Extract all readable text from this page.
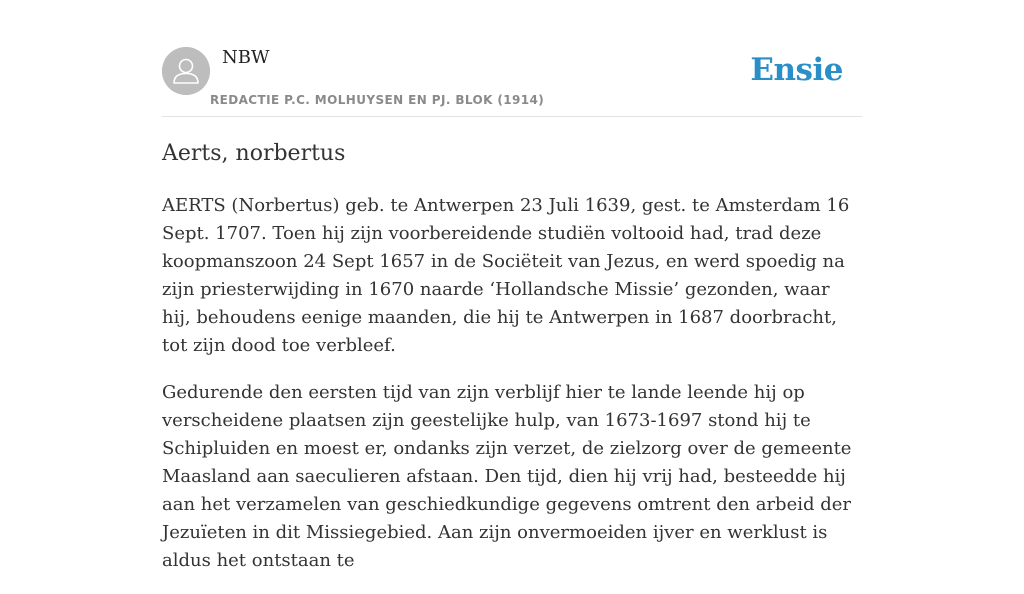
NBW
REDACTIE P.C. MOLHUYSEN EN PJ. BLOK (1914)
Ensie
Aerts, norbertus

AERTS (Norbertus) geb. te Antwerpen 23 Juli 1639, gest. te Amsterdam 16 Sept. 1707. Toen hij zijn voorbereidende studiën voltooid had, trad deze koopmanszoon 24 Sept 1657 in de Sociëteit van Jezus, en werd spoedig na zijn priesterwijding in 1670 naarde ‘Hollandsche Missie’ gezonden, waar hij, behoudens eenige maanden, die hij te Antwerpen in 1687 doorbracht, tot zijn dood toe verbleef.

Gedurende den eersten tijd van zijn verblijf hier te lande leende hij op verscheidene plaatsen zijn geestelijke hulp, van 1673-1697 stond hij te Schipluiden en moest er, ondanks zijn verzet, de zielzorg over de gemeente Maasland aan saeculieren afstaan. Den tijd, dien hij vrij had, besteedde hij aan het verzamelen van geschiedkundige gegevens omtrent den arbeid der Jezuïeten in dit Missiegebied. Aan zijn onvermoeiden ijver en werklust is aldus het ontstaan te
